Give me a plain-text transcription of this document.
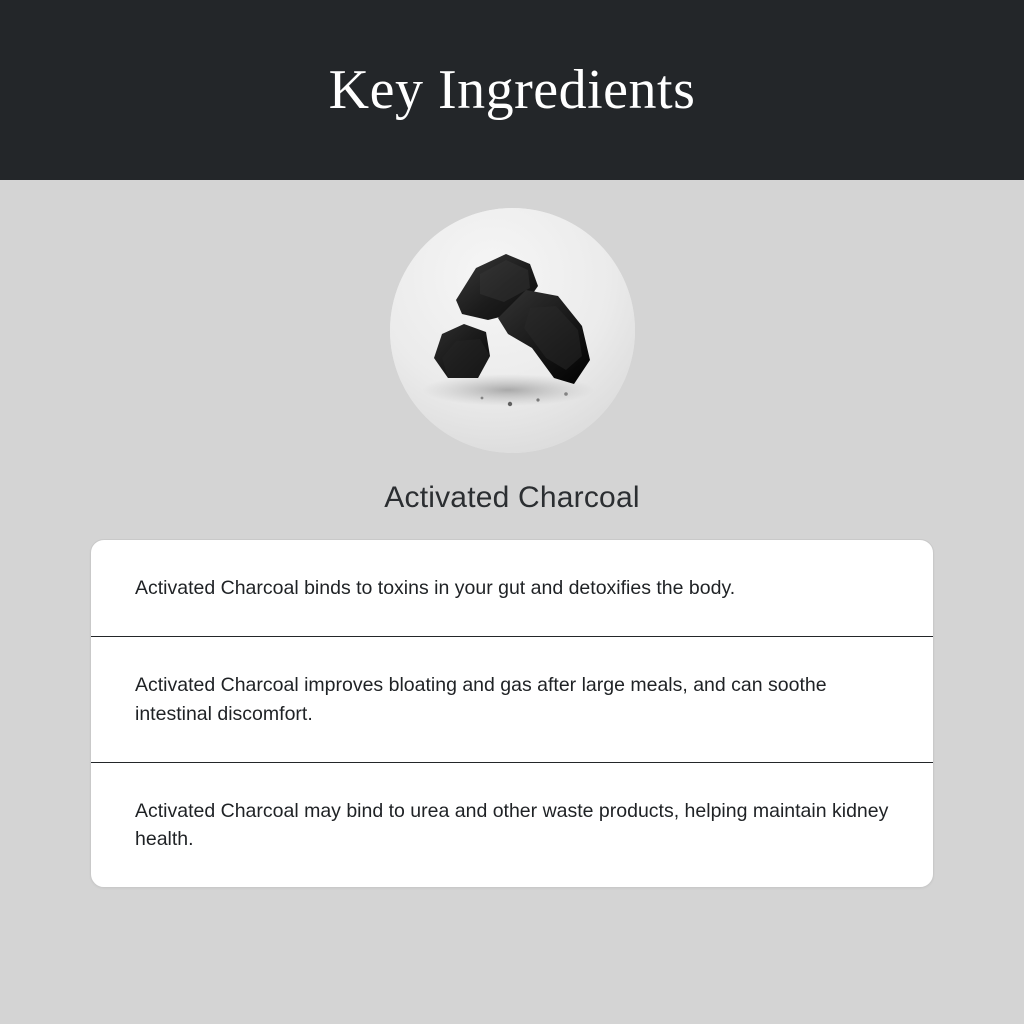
Key Ingredients
Activated Charcoal

Activated Charcoal binds to toxins in your gut and detoxifies the body.

Activated Charcoal improves bloating and gas after large meals, and can soothe intestinal discomfort.

Activated Charcoal may bind to urea and other waste products, helping maintain kidney health.
